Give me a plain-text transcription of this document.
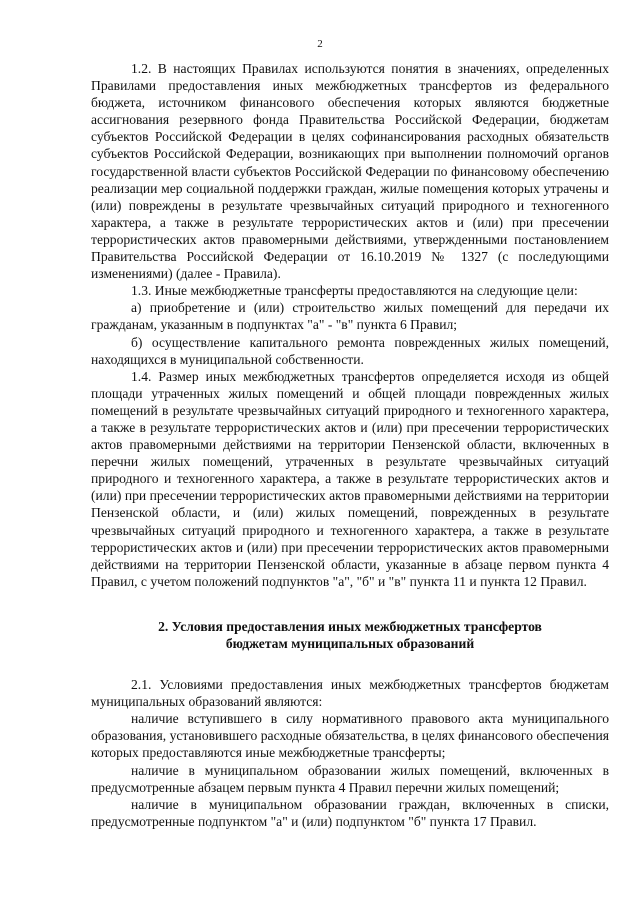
2

1.2. В настоящих Правилах используются понятия в значениях, определенных Правилами предоставления иных межбюджетных трансфертов из федерального бюджета, источником финансового обеспечения которых являются бюджетные ассигнования резервного фонда Правительства Российской Федерации, бюджетам субъектов Российской Федерации в целях софинансирования расходных обязательств субъектов Российской Федерации, возникающих при выполнении полномочий органов государственной власти субъектов Российской Федерации по финансовому обеспечению реализации мер социальной поддержки граждан, жилые помещения которых утрачены и (или) повреждены в результате чрезвычайных ситуаций природного и техногенного характера, а также в результате террористических актов и (или) при пресечении террористических актов правомерными действиями, утвержденными постановлением Правительства Российской Федерации от 16.10.2019 № 1327 (с последующими изменениями) (далее - Правила).

1.3. Иные межбюджетные трансферты предоставляются на следующие цели:

а) приобретение и (или) строительство жилых помещений для передачи их гражданам, указанным в подпунктах "а" - "в" пункта 6 Правил;

б) осуществление капитального ремонта поврежденных жилых помещений, находящихся в муниципальной собственности.

1.4. Размер иных межбюджетных трансфертов определяется исходя из общей площади утраченных жилых помещений и общей площади поврежденных жилых помещений в результате чрезвычайных ситуаций природного и техногенного характера, а также в результате террористических актов и (или) при пресечении террористических актов правомерными действиями на территории Пензенской области, включенных в перечни жилых помещений, утраченных в результате чрезвычайных ситуаций природного и техногенного характера, а также в результате террористических актов и (или) при пресечении террористических актов правомерными действиями на территории Пензенской области, и (или) жилых помещений, поврежденных в результате чрезвычайных ситуаций природного и техногенного характера, а также в результате террористических актов и (или) при пресечении террористических актов правомерными действиями на территории Пензенской области, указанные в абзаце первом пункта 4 Правил, с учетом положений подпунктов "а", "б" и "в" пункта 11 и пункта 12 Правил.

2. Условия предоставления иных межбюджетных трансфертов
бюджетам муниципальных образований

2.1. Условиями предоставления иных межбюджетных трансфертов бюджетам муниципальных образований являются:

наличие вступившего в силу нормативного правового акта муниципального образования, установившего расходные обязательства, в целях финансового обеспечения которых предоставляются иные межбюджетные трансферты;

наличие в муниципальном образовании жилых помещений, включенных в предусмотренные абзацем первым пункта 4 Правил перечни жилых помещений;

наличие в муниципальном образовании граждан, включенных в списки, предусмотренные подпунктом "а" и (или) подпунктом "б" пункта 17 Правил.
